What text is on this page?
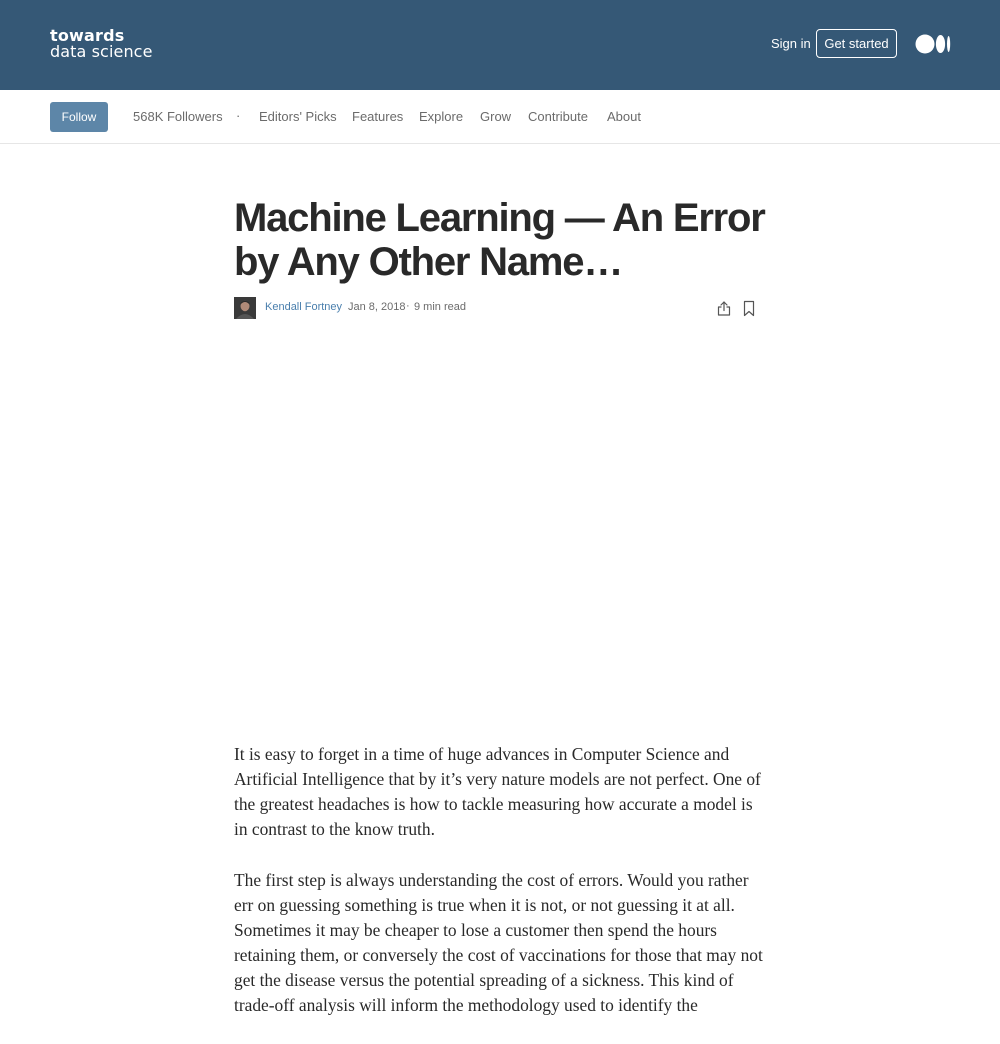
towards
data science	Sign in	Get started
Follow	568K Followers · Editors' Picks Features Explore Grow Contribute About
Machine Learning — An Error by Any Other Name…
Kendall Fortney Jan 8, 2018 · 9 min read

It is easy to forget in a time of huge advances in Computer Science and Artificial Intelligence that by it’s very nature models are not perfect. One of the greatest headaches is how to tackle measuring how accurate a model is in contrast to the know truth.

The first step is always understanding the cost of errors. Would you rather err on guessing something is true when it is not, or not guessing it at all. Sometimes it may be cheaper to lose a customer then spend the hours retaining them, or conversely the cost of vaccinations for those that may not get the disease versus the potential spreading of a sickness. This kind of trade-off analysis will inform the methodology used to identify the
